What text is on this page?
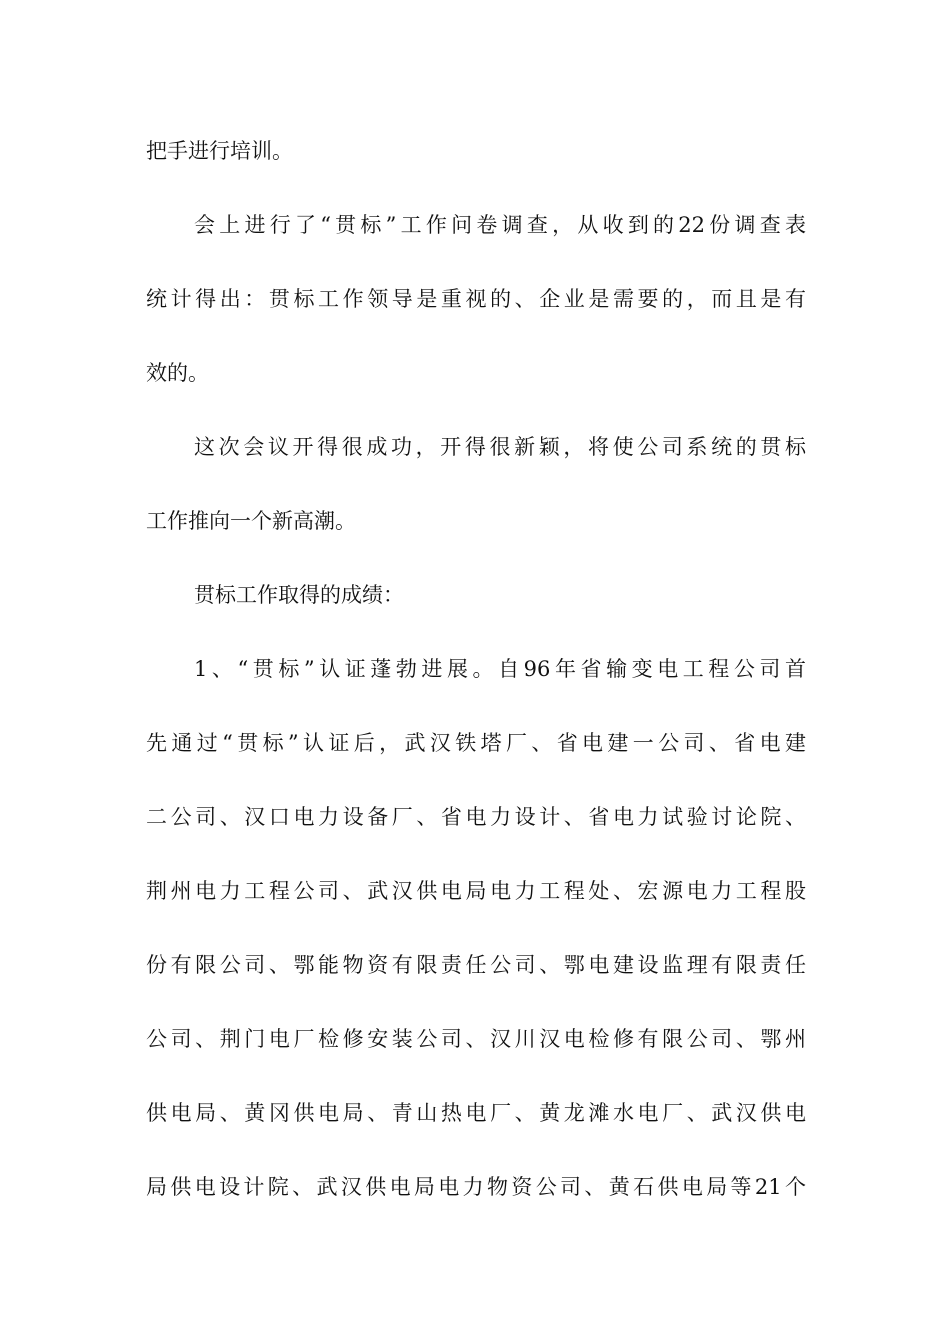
把手进行培训。
会上进行了“贯标”工作问卷调查，从收到的22份调查表
统计得出：贯标工作领导是重视的、企业是需要的，而且是有
效的。
这次会议开得很成功，开得很新颖，将使公司系统的贯标
工作推向一个新高潮。
贯标工作取得的成绩：
1、“贯标”认证蓬勃进展。自96年省输变电工程公司首
先通过“贯标”认证后，武汉铁塔厂、省电建一公司、省电建
二公司、汉口电力设备厂、省电力设计、省电力试验讨论院、
荆州电力工程公司、武汉供电局电力工程处、宏源电力工程股
份有限公司、鄂能物资有限责任公司、鄂电建设监理有限责任
公司、荆门电厂检修安装公司、汉川汉电检修有限公司、鄂州
供电局、黄冈供电局、青山热电厂、黄龙滩水电厂、武汉供电
局供电设计院、武汉供电局电力物资公司、黄石供电局等21个
